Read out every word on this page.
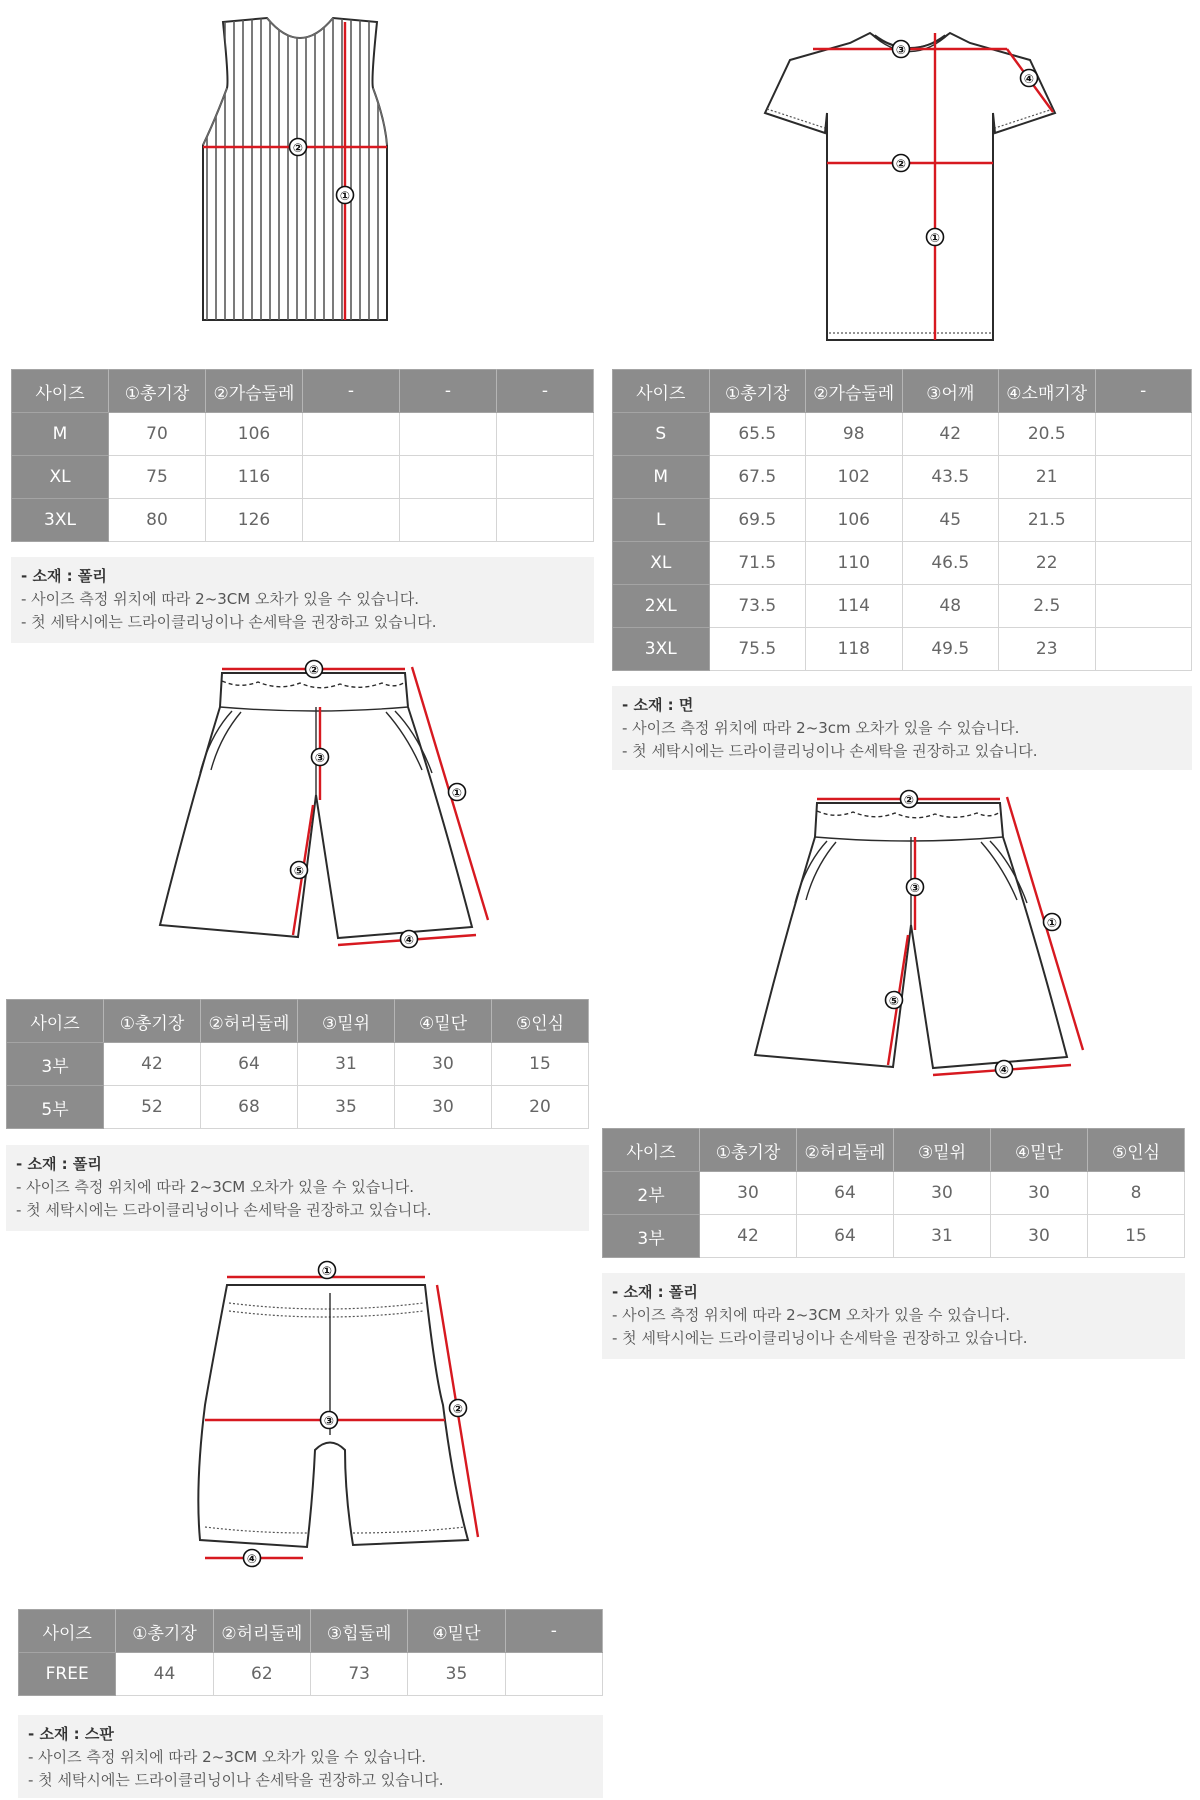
②
①
③
④
②
①
사이즈	①총기장	②가슴둘레	-	-	-
M	70	106			
XL	75	116			
3XL	80	126			
- 소재 : 폴리
- 사이즈 측정 위치에 따라 2~3CM 오차가 있을 수 있습니다.
- 첫 세탁시에는 드라이클리닝이나 손세탁을 권장하고 있습니다.
사이즈	①총기장	②가슴둘레	③어깨	④소매기장	-
S	65.5	98	42	20.5	
M	67.5	102	43.5	21	
L	69.5	106	45	21.5	
XL	71.5	110	46.5	22	
2XL	73.5	114	48	2.5	
3XL	75.5	118	49.5	23	
- 소재 : 면
- 사이즈 측정 위치에 따라 2~3cm 오차가 있을 수 있습니다.
- 첫 세탁시에는 드라이클리닝이나 손세탁을 권장하고 있습니다.
②
①
③
⑤
④
②
①
③
⑤
④
사이즈	①총기장	②허리둘레	③밑위	④밑단	⑤인심
3부	42	64	31	30	15
5부	52	68	35	30	20
- 소재 : 폴리
- 사이즈 측정 위치에 따라 2~3CM 오차가 있을 수 있습니다.
- 첫 세탁시에는 드라이클리닝이나 손세탁을 권장하고 있습니다.
사이즈	①총기장	②허리둘레	③밑위	④밑단	⑤인심
2부	30	64	30	30	8
3부	42	64	31	30	15
- 소재 : 폴리
- 사이즈 측정 위치에 따라 2~3CM 오차가 있을 수 있습니다.
- 첫 세탁시에는 드라이클리닝이나 손세탁을 권장하고 있습니다.
①
②
③
④
사이즈	①총기장	②허리둘레	③힙둘레	④밑단	-
FREE	44	62	73	35	
- 소재 : 스판
- 사이즈 측정 위치에 따라 2~3CM 오차가 있을 수 있습니다.
- 첫 세탁시에는 드라이클리닝이나 손세탁을 권장하고 있습니다.
